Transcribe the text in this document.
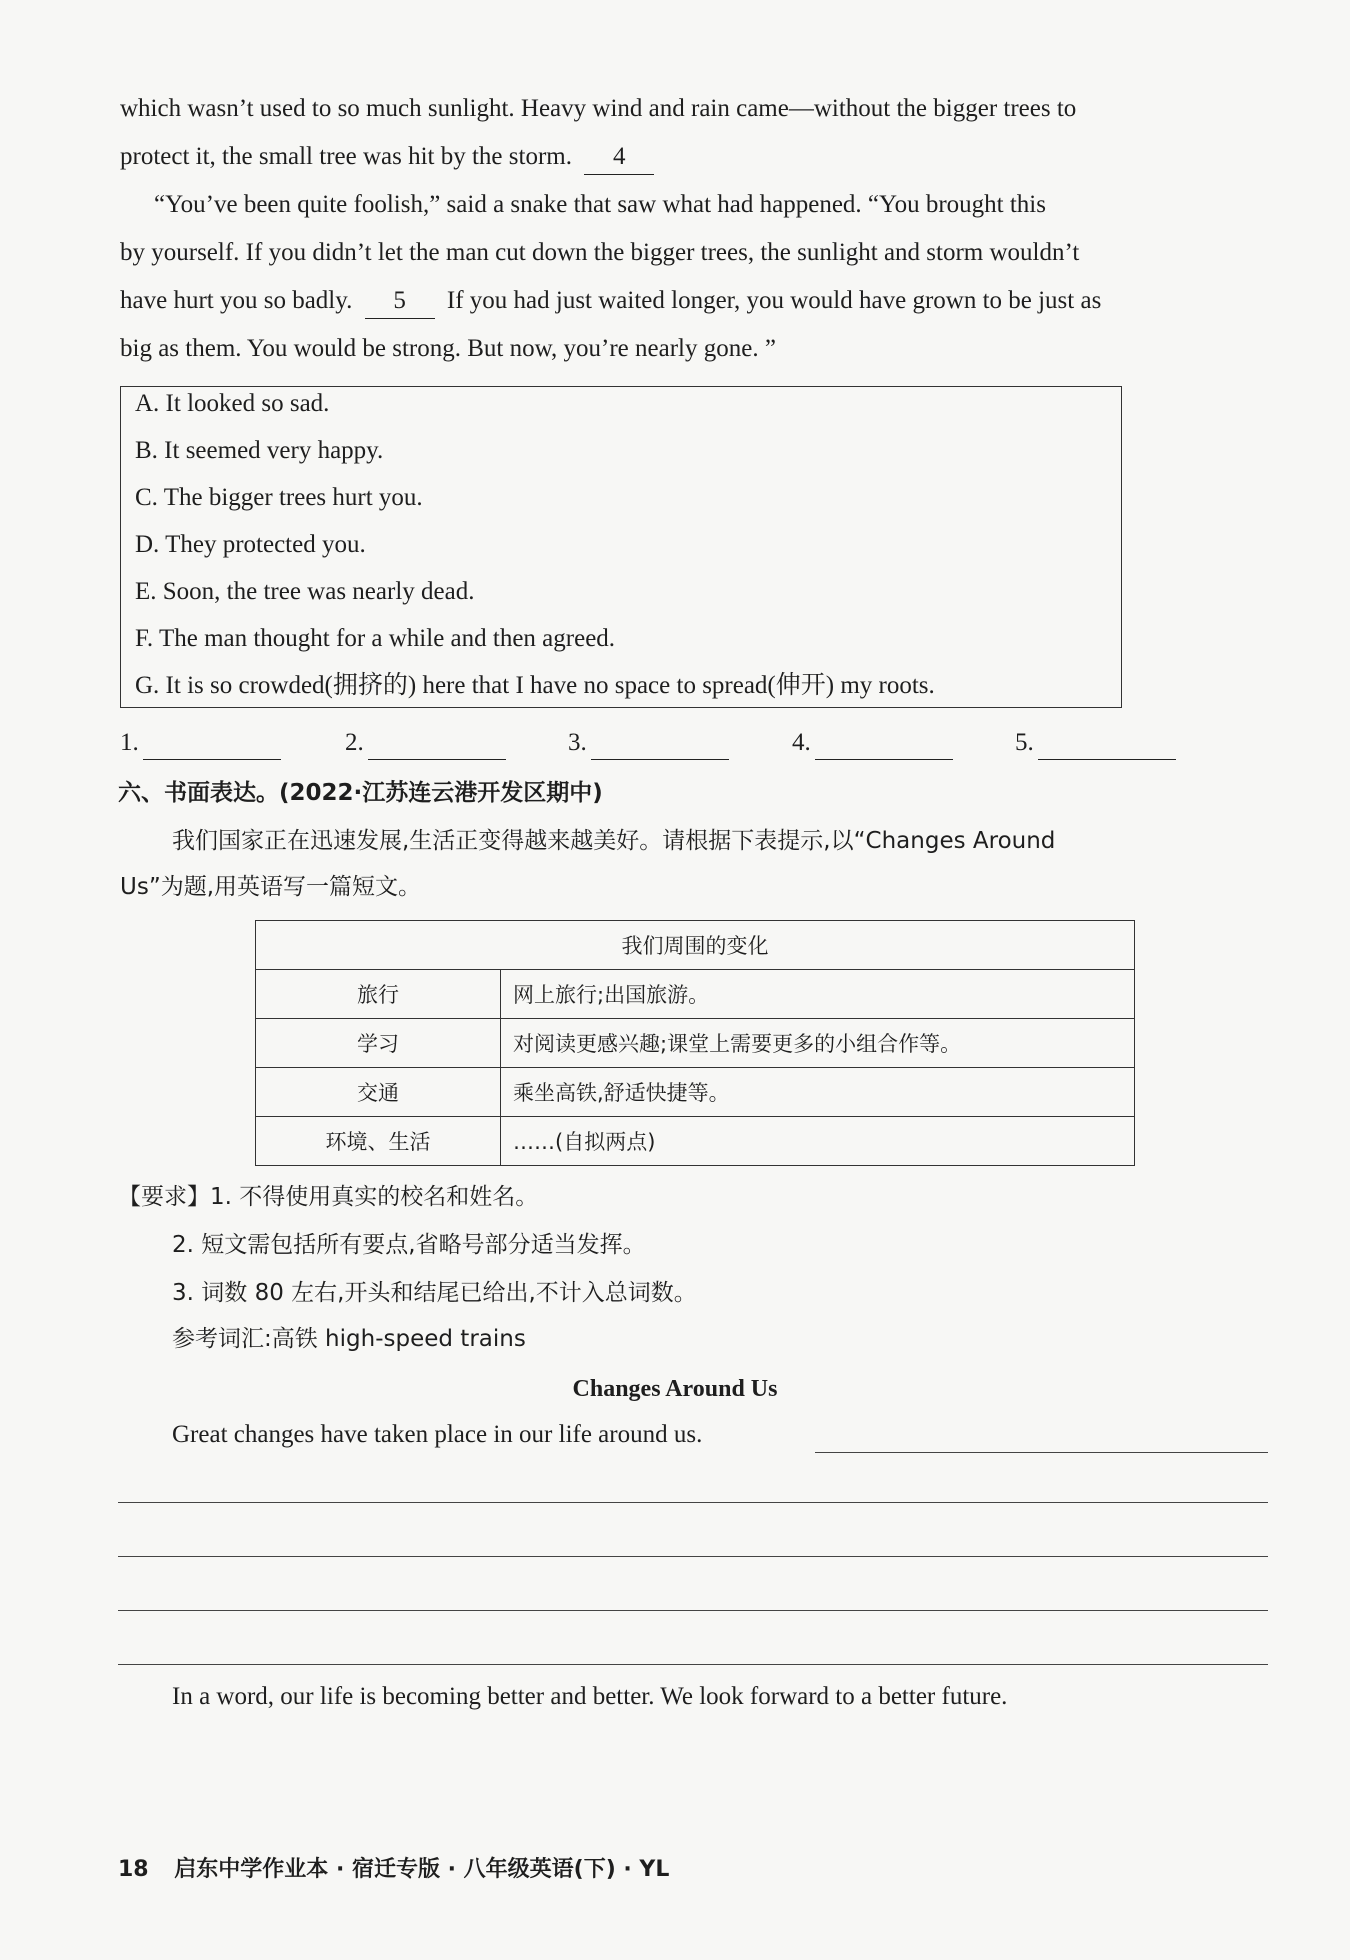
which wasn’t used to so much sunlight. Heavy wind and rain came—without the bigger trees to
protect it, the small tree was hit by the storm. 4
“You’ve been quite foolish,” said a snake that saw what had happened. “You brought this
by yourself. If you didn’t let the man cut down the bigger trees, the sunlight and storm wouldn’t
have hurt you so badly. 5 If you had just waited longer, you would have grown to be just as
big as them. You would be strong. But now, you’re nearly gone. ”
A. It looked so sad.
B. It seemed very happy.
C. The bigger trees hurt you.
D. They protected you.
E. Soon, the tree was nearly dead.
F. The man thought for a while and then agreed.
G. It is so crowded(拥挤的) here that I have no space to spread(伸开) my roots.
1.	2.	3.	4.	5.
六、书面表达。(2022·江苏连云港开发区期中)
我们国家正在迅速发展,生活正变得越来越美好。请根据下表提示,以“Changes Around
Us”为题,用英语写一篇短文。
我们周围的变化	
旅行	网上旅行;出国旅游。
学习	对阅读更感兴趣;课堂上需要更多的小组合作等。
交通	乘坐高铁,舒适快捷等。
环境、生活	……(自拟两点)
【要求】1. 不得使用真实的校名和姓名。
2. 短文需包括所有要点,省略号部分适当发挥。
3. 词数 80 左右,开头和结尾已给出,不计入总词数。
参考词汇:高铁 high-speed trains
Changes Around Us
Great changes have taken place in our life around us.
In a word, our life is becoming better and better. We look forward to a better future.
18 启东中学作业本 · 宿迁专版 · 八年级英语(下) · YL
